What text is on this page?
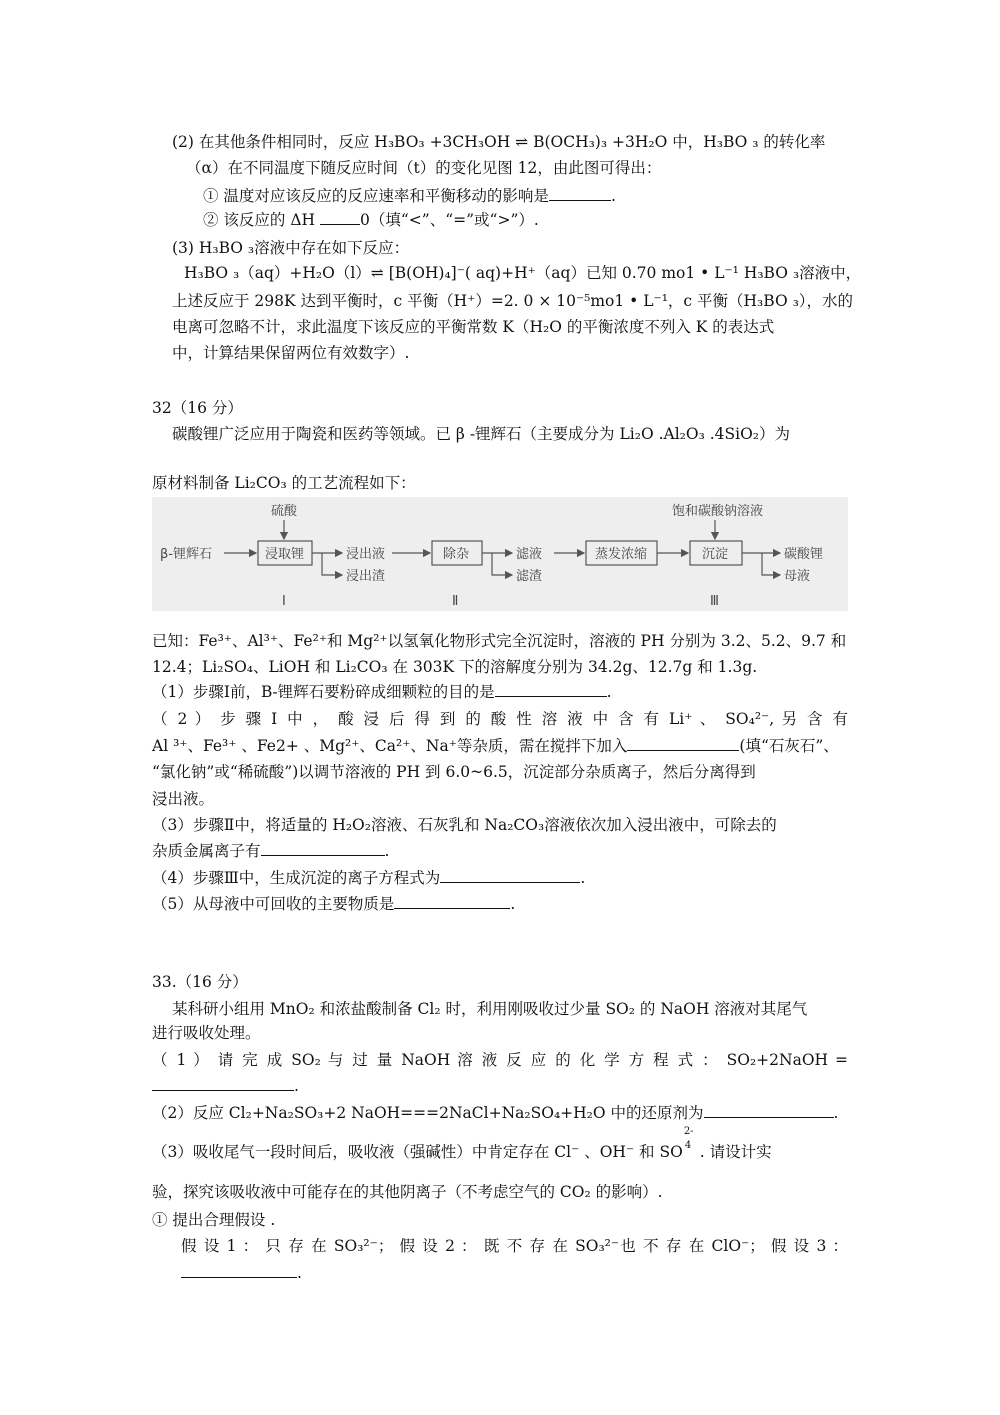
(2) 在其他条件相同时，反应 H₃BO₃ +3CH₃OH ⇌ B(OCH₃)₃ +3H₂O 中，H₃BO ₃ 的转化率
（α）在不同温度下随反应时间（t）的变化见图 12，由此图可得出：
① 温度对应该反应的反应速率和平衡移动的影响是	.
② 该反应的 ΔH	0（填“<”、“=”或“>”）.
(3) H₃BO ₃溶液中存在如下反应：
H₃BO ₃（aq）+H₂O（l）⇌ [B(OH)₄]⁻( aq)+H⁺（aq）已知 0.70 mo1 • L⁻¹ H₃BO ₃溶液中，
上述反应于 298K 达到平衡时，c 平衡（H⁺）=2. 0 × 10⁻⁵mo1 • L⁻¹，c 平衡（H₃BO ₃），水的
电离可忽略不计，求此温度下该反应的平衡常数 K（H₂O 的平衡浓度不列入 K 的表达式
中，计算结果保留两位有效数字）.
32（16 分）
碳酸锂广泛应用于陶瓷和医药等领域。已 β -锂辉石（主要成分为 Li₂O .Al₂O₃ .4SiO₂）为
原材料制备 Li₂CO₃ 的工艺流程如下：
β-锂辉石
硫酸
浸取锂	浸出液
浸出渣
除杂	滤液
滤渣
蒸发浓缩
饱和碳酸钠溶液
沉淀	碳酸锂
母液
Ⅰ	Ⅱ	Ⅲ
已知：Fe³⁺、Al³⁺、Fe²⁺和 Mg²⁺以氢氧化物形式完全沉淀时，溶液的 PH 分别为 3.2、5.2、9.7 和
12.4；Li₂SO₄、LiOH 和 Li₂CO₃ 在 303K 下的溶解度分别为 34.2g、12.7g 和 1.3g.
（1）步骤Ⅰ前，Β-锂辉石要粉碎成细颗粒的目的是	.
（ 2 ） 步 骤 Ⅰ 中 ， 酸 浸 后 得 到 的 酸 性 溶 液 中 含 有 Li⁺ 、 SO₄²⁻, 另 含 有
Al ³⁺、Fe³⁺ 、Fe2+ 、Mg²⁺、Ca²⁺、Na⁺等杂质，需在搅拌下加入	(填“石灰石”、
“氯化钠”或“稀硫酸”)以调节溶液的 PH 到 6.0~6.5，沉淀部分杂质离子，然后分离得到
浸出液。
（3）步骤Ⅱ中，将适量的 H₂O₂溶液、石灰乳和 Na₂CO₃溶液依次加入浸出液中，可除去的
杂质金属离子有	.
（4）步骤Ⅲ中，生成沉淀的离子方程式为	.
（5）从母液中可回收的主要物质是	.
33.（16 分）
某科研小组用 MnO₂ 和浓盐酸制备 Cl₂ 时，利用刚吸收过少量 SO₂ 的 NaOH 溶液对其尾气
进行吸收处理。
（ 1 ） 请 完 成 SO₂ 与 过 量 NaOH 溶 液 反 应 的 化 学 方 程 式 ： SO₂+2NaOH =
.
（2）反应 Cl₂+Na₂SO₃+2 NaOH===2NaCl+Na₂SO₄+H₂O 中的还原剂为	.
（3）吸收尾气一段时间后，吸收液（强碱性）中肯定存在 Cl⁻ 、OH⁻ 和 SO
2-
4 . 请设计实
验，探究该吸收液中可能存在的其他阴离子（不考虑空气的 CO₂ 的影响）.
① 提出合理假设 .
假 设 1 ： 只 存 在 SO₃²⁻； 假 设 2 ： 既 不 存 在 SO₃²⁻也 不 存 在 ClO⁻； 假 设 3 ：
.
